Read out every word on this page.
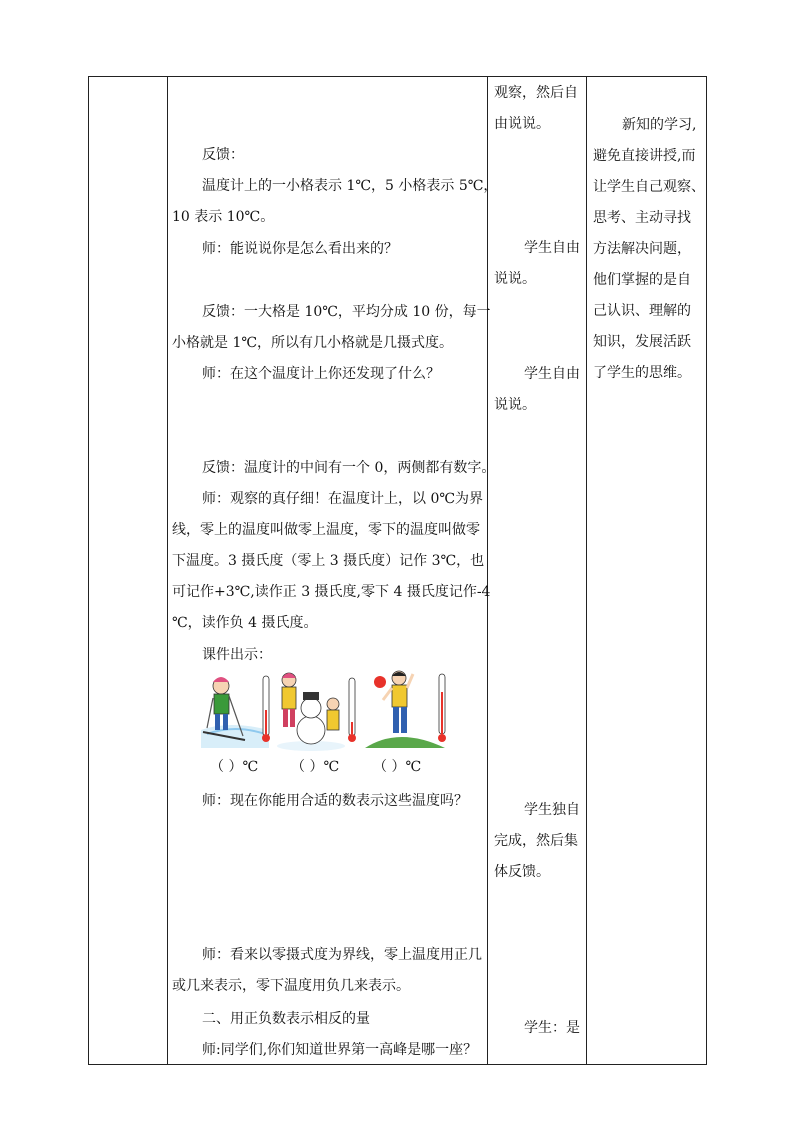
反馈：
温度计上的一小格表示 1℃，5 小格表示 5℃，
10 表示 10℃。
师：能说说你是怎么看出来的？
反馈：一大格是 10℃，平均分成 10 份，每一
小格就是 1℃，所以有几小格就是几摄式度。
师：在这个温度计上你还发现了什么？
反馈：温度计的中间有一个 0，两侧都有数字。
师：观察的真仔细！在温度计上，以 0℃为界
线，零上的温度叫做零上温度，零下的温度叫做零
下温度。3 摄氏度（零上 3 摄氏度）记作 3℃，也
可记作+3℃,读作正 3 摄氏度,零下 4 摄氏度记作-4
℃，读作负 4 摄氏度。
课件出示：
（ ）℃ （ ）℃ （ ）℃
师：现在你能用合适的数表示这些温度吗？
师：看来以零摄式度为界线，零上温度用正几
或几来表示，零下温度用负几来表示。
二、用正负数表示相反的量
师:同学们,你们知道世界第一高峰是哪一座？
观察，然后自
由说说。
学生自由
说说。
学生自由
说说。
学生独自
完成，然后集
体反馈。
学生：是
新知的学习,
避免直接讲授,而
让学生自己观察、
思考、主动寻找
方法解决问题，
他们掌握的是自
己认识、理解的
知识，发展活跃
了学生的思维。
